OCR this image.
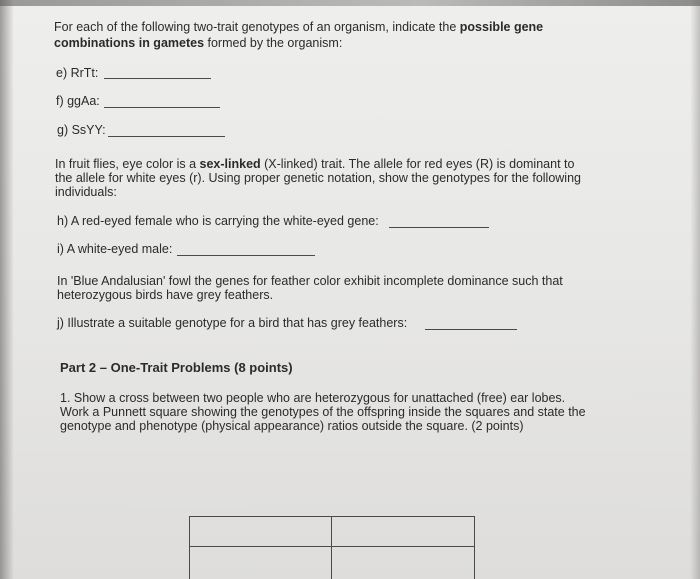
For each of the following two-trait genotypes of an organism, indicate the possible gene
combinations in gametes formed by the organism:
e) RrTt:
f) ggAa:
g) SsYY:
In fruit flies, eye color is a sex-linked (X-linked) trait. The allele for red eyes (R) is dominant to
the allele for white eyes (r). Using proper genetic notation, show the genotypes for the following
individuals:
h) A red-eyed female who is carrying the white-eyed gene:
i) A white-eyed male:
In 'Blue Andalusian' fowl the genes for feather color exhibit incomplete dominance such that
heterozygous birds have grey feathers.
j) Illustrate a suitable genotype for a bird that has grey feathers:
Part 2 – One-Trait Problems (8 points)
1. Show a cross between two people who are heterozygous for unattached (free) ear lobes.
Work a Punnett square showing the genotypes of the offspring inside the squares and state the
genotype and phenotype (physical appearance) ratios outside the square. (2 points)
